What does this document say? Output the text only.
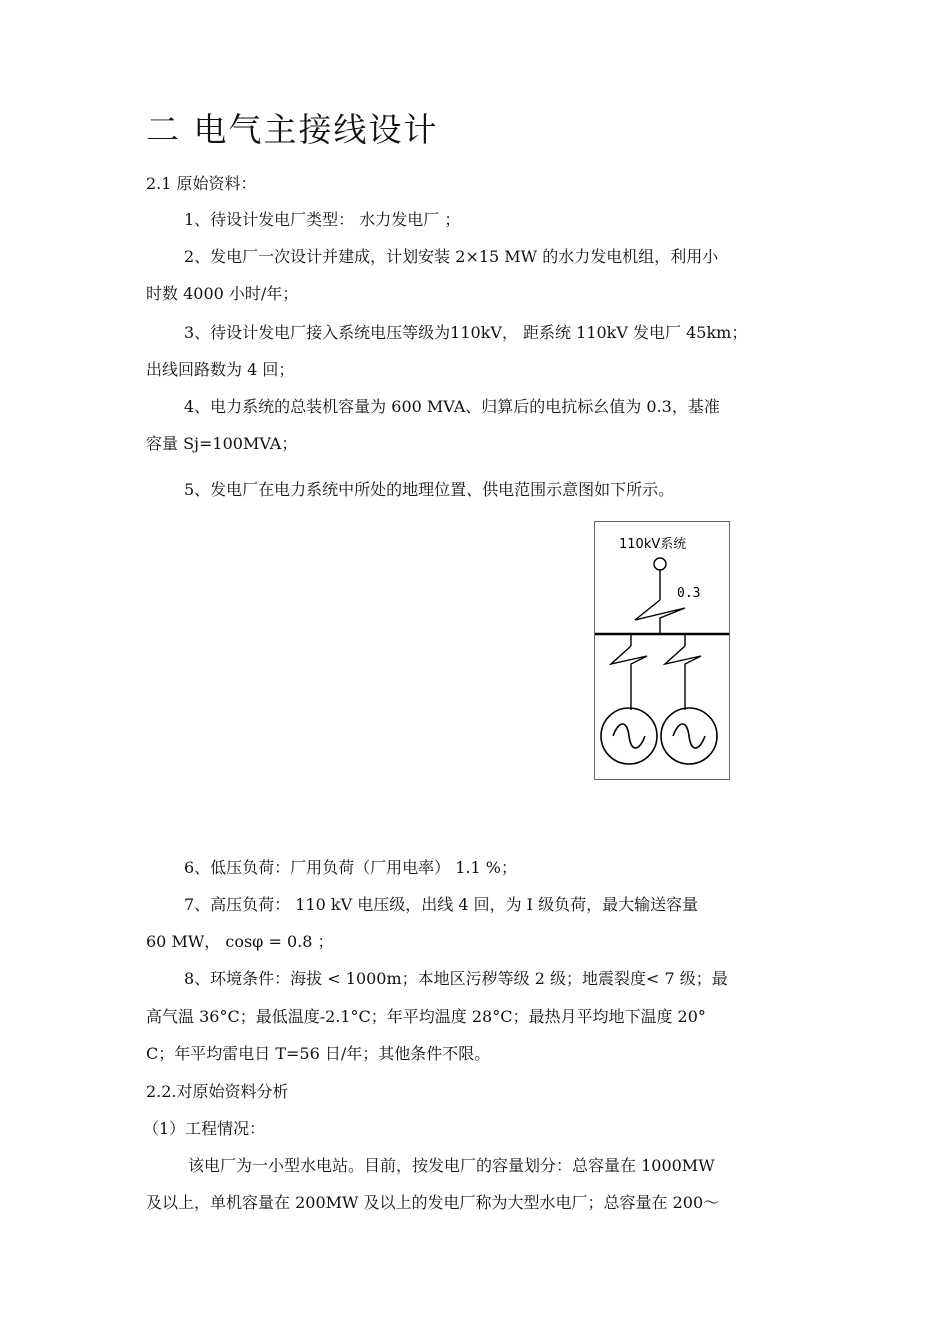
二 电气主接线设计
2.1 原始资料：
1、待设计发电厂类型： 水力发电厂 ；
2、发电厂一次设计并建成，计划安装 2×15 MW 的水力发电机组，利用小
时数 4000 小时/年；
3、待设计发电厂接入系统电压等级为110kV， 距系统 110kV 发电厂 45km；
出线回路数为 4 回；
4、电力系统的总装机容量为 600 MVA、归算后的电抗标幺值为 0.3，基准
容量 Sj=100MVA；
5、发电厂在电力系统中所处的地理位置、供电范围示意图如下所示。
110kV系统
0.3
6、低压负荷：厂用负荷（厂用电率） 1.1 %；
7、高压负荷： 110 kV 电压级，出线 4 回，为 I 级负荷，最大输送容量
60 MW， cosφ = 0.8 ；
8、环境条件：海拔 < 1000m；本地区污秽等级 2 级；地震裂度< 7 级；最
高气温 36°C；最低温度-2.1°C；年平均温度 28°C；最热月平均地下温度 20°
C；年平均雷电日 T=56 日/年；其他条件不限。
2.2.对原始资料分析
（1）工程情况：
该电厂为一小型水电站。目前，按发电厂的容量划分：总容量在 1000MW
及以上，单机容量在 200MW 及以上的发电厂称为大型水电厂；总容量在 200～
